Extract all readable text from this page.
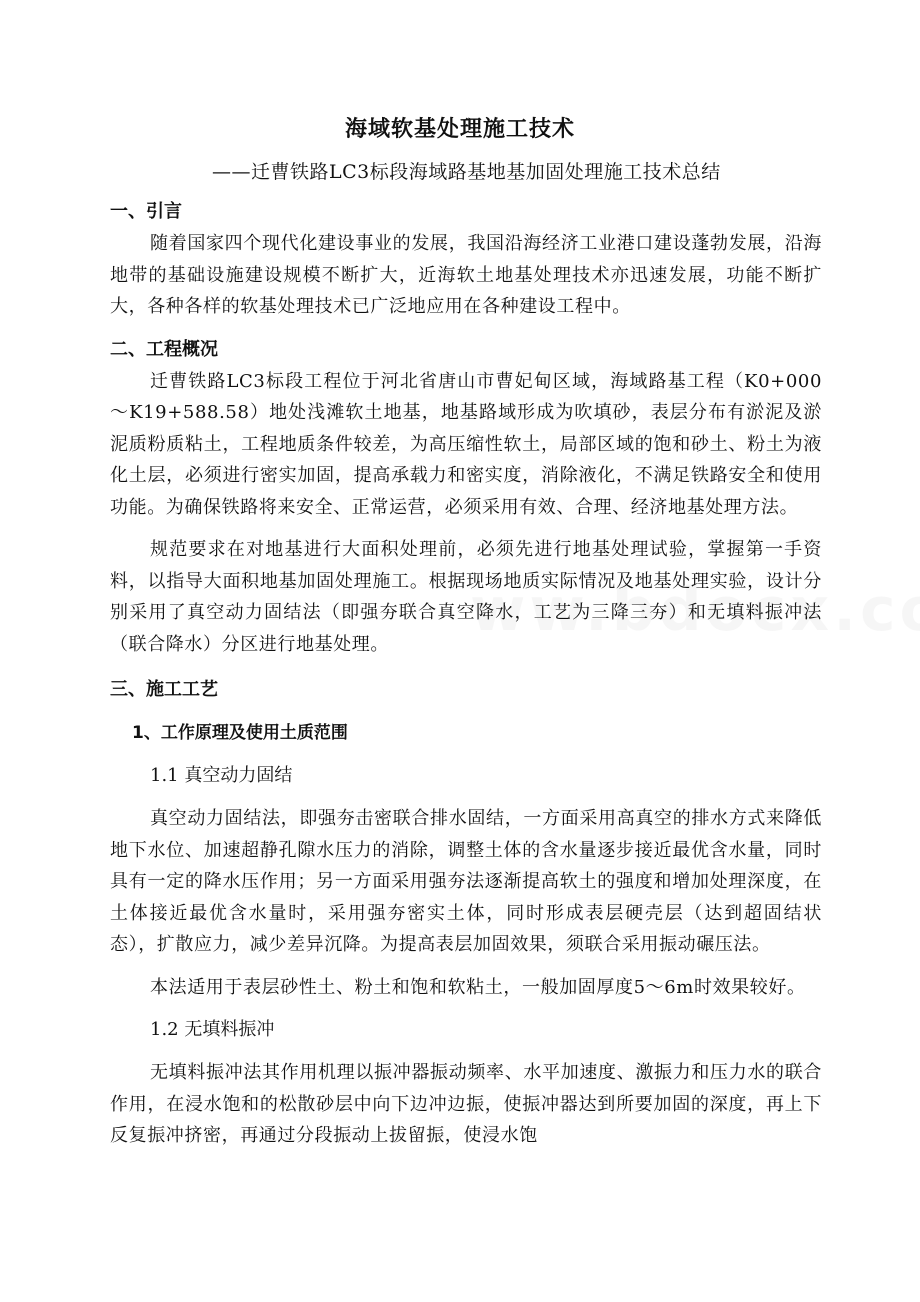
海域软基处理施工技术
——迁曹铁路LC3标段海域路基地基加固处理施工技术总结
一、引言
随着国家四个现代化建设事业的发展，我国沿海经济工业港口建设蓬勃发展，沿海地带的基础设施建设规模不断扩大，近海软土地基处理技术亦迅速发展，功能不断扩大，各种各样的软基处理技术已广泛地应用在各种建设工程中。
二、工程概况
迁曹铁路LC3标段工程位于河北省唐山市曹妃甸区域，海域路基工程（K0+000～K19+588.58）地处浅滩软土地基，地基路域形成为吹填砂，表层分布有淤泥及淤泥质粉质粘土，工程地质条件较差，为高压缩性软土，局部区域的饱和砂土、粉土为液化土层，必须进行密实加固，提高承载力和密实度，消除液化，不满足铁路安全和使用功能。为确保铁路将来安全、正常运营，必须采用有效、合理、经济地基处理方法。
规范要求在对地基进行大面积处理前，必须先进行地基处理试验，掌握第一手资料，以指导大面积地基加固处理施工。根据现场地质实际情况及地基处理实验，设计分别采用了真空动力固结法（即强夯联合真空降水，工艺为三降三夯）和无填料振冲法（联合降水）分区进行地基处理。
三、施工工艺
1、工作原理及使用土质范围
1.1 真空动力固结
真空动力固结法，即强夯击密联合排水固结，一方面采用高真空的排水方式来降低地下水位、加速超静孔隙水压力的消除，调整土体的含水量逐步接近最优含水量，同时具有一定的降水压作用；另一方面采用强夯法逐渐提高软土的强度和增加处理深度，在土体接近最优含水量时，采用强夯密实土体，同时形成表层硬壳层（达到超固结状态），扩散应力，减少差异沉降。为提高表层加固效果，须联合采用振动碾压法。
本法适用于表层砂性土、粉土和饱和软粘土，一般加固厚度5～6m时效果较好。
1.2 无填料振冲
无填料振冲法其作用机理以振冲器振动频率、水平加速度、激振力和压力水的联合作用，在浸水饱和的松散砂层中向下边冲边振，使振冲器达到所要加固的深度，再上下反复振冲挤密，再通过分段振动上拔留振，使浸水饱
